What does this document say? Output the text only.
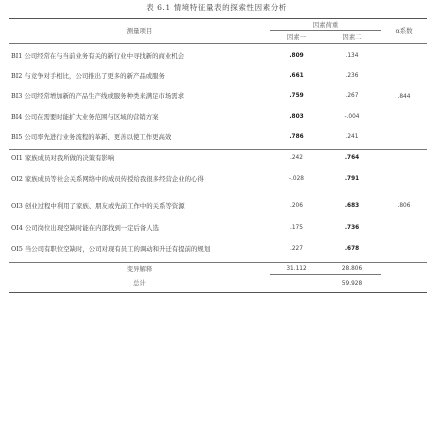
表 6.1 情境特征量表的探索性因素分析
测量项目	因素荷重		α系数
	因素一	因素二	
BI1 公司经常在与当前业务有关的新行业中寻找新的商业机会	.809	.134	.844
BI2 与竞争对手相比，公司推出了更多的新产品或服务	.661	.236	
BI3 公司经常增加新的产品生产线或服务种类来满足市场需求	.759	.267	
BI4 公司在需要时能扩大业务范围与区域的营销方案	.803	-.004	
BI5 公司率先进行业务流程的革新、更善以使工作更高效	.786	.241	
OI1 家族成员对我所做的决策有影响	.242	.764	.806
OI2 家族成员等社会关系网络中的成员传授给我很多经营企业的心得	-.028	.791	
OI3 创业过程中利用了家族、朋友或先前工作中的关系等资源	.206	.683	
OI4 公司岗位出现空缺时能在内部找到一定后备人选	.175	.736	
OI5 当公司有职位空缺时，公司对现有员工的调动和升迁有提前的规划	.227	.678	
变异解释	31.112	28.806	
总计		59.928	
